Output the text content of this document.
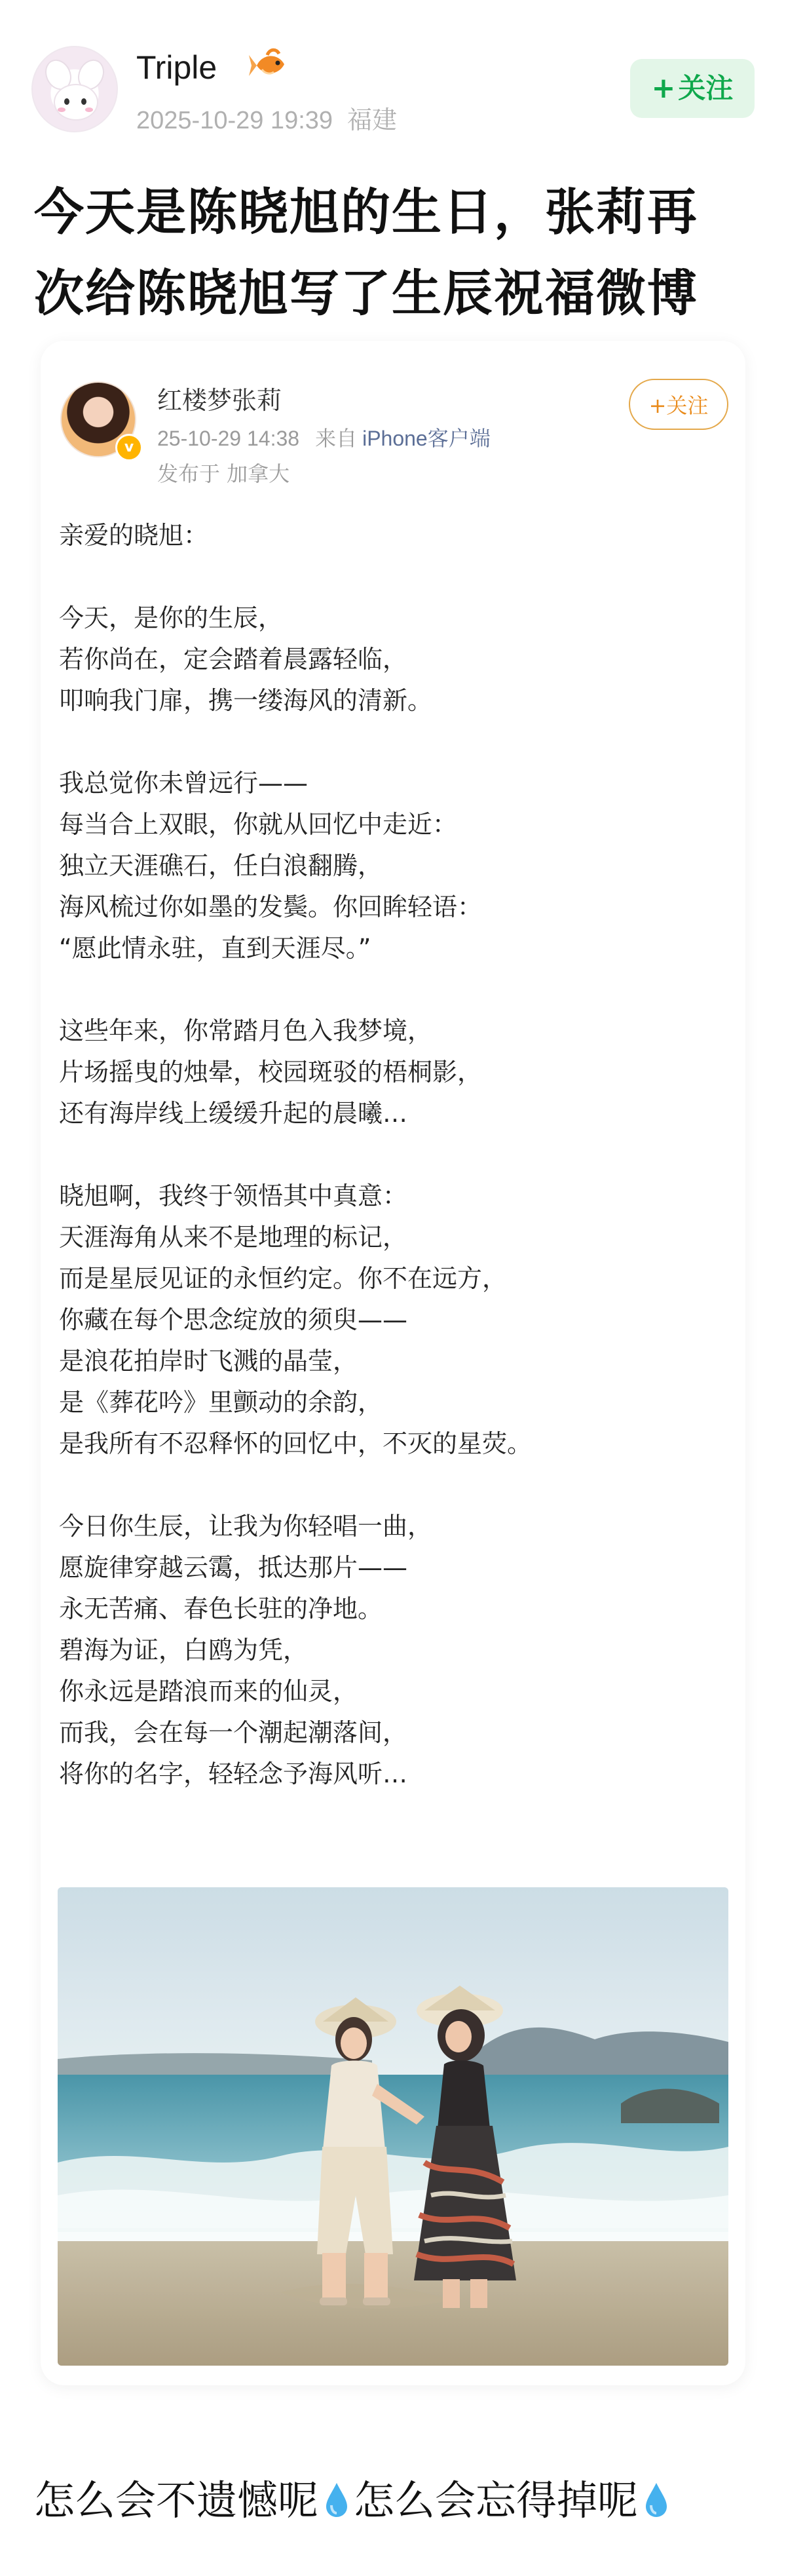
Triple
2025-10-29 19:39 福建
+关注
今天是陈晓旭的生日，张莉再
次给陈晓旭写了生辰祝福微博
v
红楼梦张莉
25-10-29 14:38 来自 iPhone客户端
发布于 加拿大
+关注
亲爱的晓旭：
今天，是你的生辰，
若你尚在，定会踏着晨露轻临，
叩响我门扉，携一缕海风的清新。
我总觉你未曾远行——
每当合上双眼，你就从回忆中走近：
独立天涯礁石，任白浪翻腾，
海风梳过你如墨的发鬓。你回眸轻语：
“愿此情永驻，直到天涯尽。”
这些年来，你常踏月色入我梦境，
片场摇曳的烛晕，校园斑驳的梧桐影，
还有海岸线上缓缓升起的晨曦…
晓旭啊，我终于领悟其中真意：
天涯海角从来不是地理的标记，
而是星辰见证的永恒约定。你不在远方，
你藏在每个思念绽放的须臾——
是浪花拍岸时飞溅的晶莹，
是《葬花吟》里颤动的余韵，
是我所有不忍释怀的回忆中，不灭的星荧。
今日你生辰，让我为你轻唱一曲，
愿旋律穿越云霭，抵达那片——
永无苦痛、春色长驻的净地。
碧海为证，白鸥为凭，
你永远是踏浪而来的仙灵，
而我，会在每一个潮起潮落间，
将你的名字，轻轻念予海风听…
怎么会不遗憾呢 怎么会忘得掉呢
